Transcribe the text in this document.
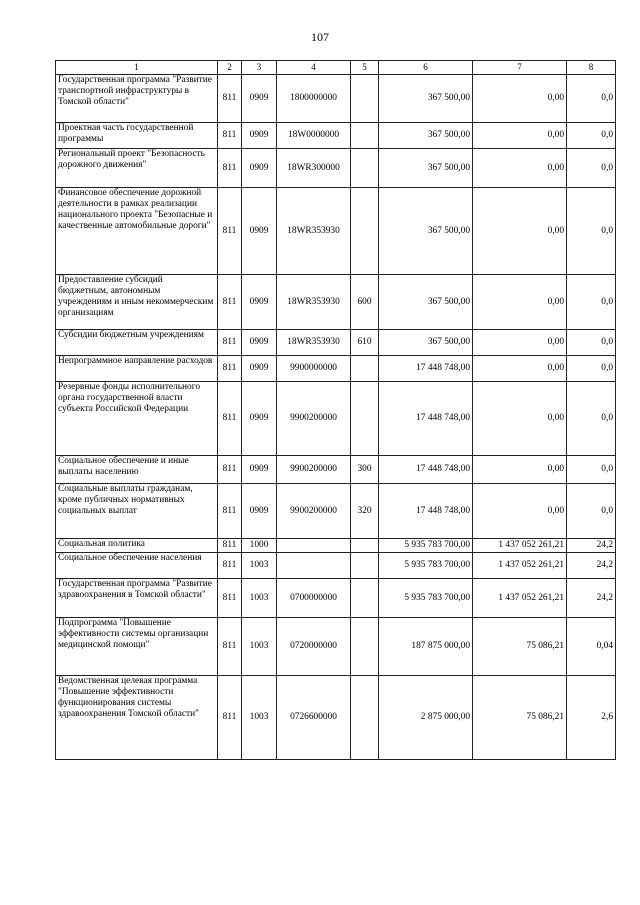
107
1	2	3	4	5	6	7	8
Государственная программа "Развитие транспортной инфраструктуры в Томской области"	811	0909	1800000000		367 500,00	0,00	0,0
Проектная часть государственной программы	811	0909	18W0000000		367 500,00	0,00	0,0
Региональный проект "Безопасность дорожного движения"	811	0909	18WR300000		367 500,00	0,00	0,0
Финансовое обеспечение дорожной деятельности в рамках реализации национального проекта "Безопасные и качественные автомобильные дороги"	811	0909	18WR353930		367 500,00	0,00	0,0
Предоставление субсидий бюджетным, автономным учреждениям и иным некоммерческим организациям	811	0909	18WR353930	600	367 500,00	0,00	0,0
Субсидии бюджетным учреждениям	811	0909	18WR353930	610	367 500,00	0,00	0,0
Непрограммное направление расходов	811	0909	9900000000		17 448 748,00	0,00	0,0
Резервные фонды исполнительного органа государственной власти субъекта Российской Федерации	811	0909	9900200000		17 448 748,00	0,00	0,0
Социальное обеспечение и иные выплаты населению	811	0909	9900200000	300	17 448 748,00	0,00	0,0
Социальные выплаты гражданам, кроме публичных нормативных социальных выплат	811	0909	9900200000	320	17 448 748,00	0,00	0,0
Социальная политика	811	1000			5 935 783 700,00	1 437 052 261,21	24,2
Социальное обеспечение населения	811	1003			5 935 783 700,00	1 437 052 261,21	24,2
Государственная программа "Развитие здравоохранения в Томской области"	811	1003	0700000000		5 935 783 700,00	1 437 052 261,21	24,2
Подпрограмма "Повышение эффективности системы организации медицинской помощи"	811	1003	0720000000		187 875 000,00	75 086,21	0,04
Ведомственная целевая программа "Повышение эффективности функционирования системы здравоохранения Томской области"	811	1003	0726600000		2 875 000,00	75 086,21	2,6
